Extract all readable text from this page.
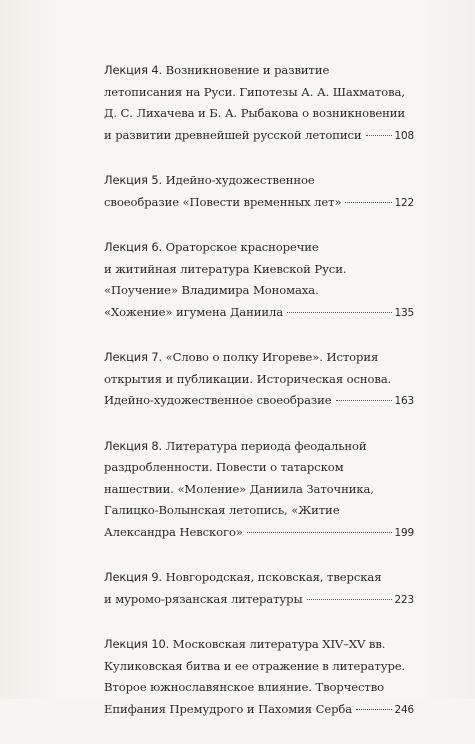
Лекция 4. Возникновение и развитие
летописания на Руси. Гипотезы А. А. Шахматова,
Д. С. Лихачева и Б. А. Рыбакова о возникновении
и развитии древнейшей русской летописи	108
Лекция 5. Идейно-художественное
своеобразие «Повести временных лет»	122
Лекция 6. Ораторское красноречие
и житийная литература Киевской Руси.
«Поучение» Владимира Мономаха.
«Хожение» игумена Даниила	135
Лекция 7. «Слово о полку Игореве». История
открытия и публикации. Историческая основа.
Идейно-художественное своеобразие	163
Лекция 8. Литература периода феодальной
раздробленности. Повести о татарском
нашествии. «Моление» Даниила Заточника,
Галицко-Волынская летопись, «Житие
Александра Невского»	199
Лекция 9. Новгородская, псковская, тверская
и муромо-рязанская литературы	223
Лекция 10. Московская литература XIV–XV вв.
Куликовская битва и ее отражение в литературе.
Второе южнославянское влияние. Творчество
Епифания Премудрого и Пахомия Серба	246
